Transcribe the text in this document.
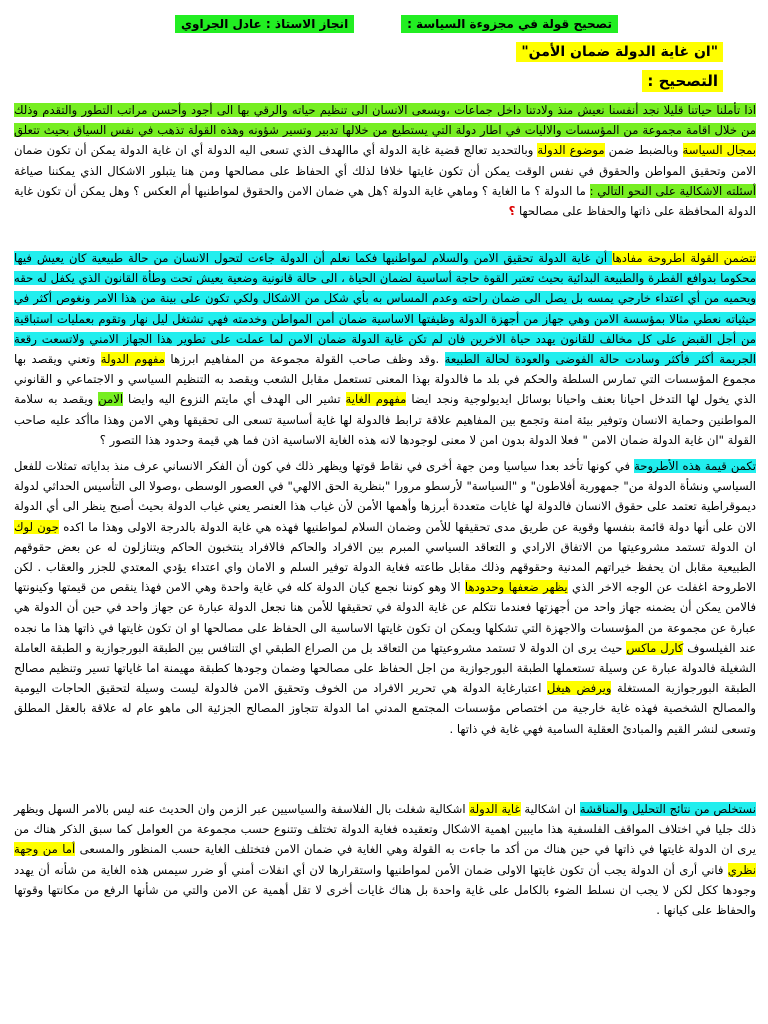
تصحيح قولة في مجزوءة السياسة :
انجاز الاستاذ : عادل الجراوي
"ان غاية الدولة ضمان الأمن"
التصحيح :

اذا تأملنا حياتنا قليلا نجد أنفسنا نعيش منذ ولادتنا داخل جماعات ،ويسعى الانسان الى تنظيم حياته والرقي بها الى أجود وأحسن مراتب التطور والتقدم وذلك من خلال اقامة مجموعة من المؤسسات والاليات في اطار دولة التي يستطيع من خلالها تدبير وتسير شؤونه وهذه القولة تذهب في نفس السياق بحيث تتعلق بمجال السياسة وبالضبط ضمن موضوع الدولة وبالتحديد تعالج قضية غاية الدولة أي ماالهدف الذي تسعى اليه الدولة أي ان غاية الدولة يمكن أن تكون ضمان الامن وتحقيق المواطن والحقوق في نفس الوقت يمكن أن تكون غايتها خلافا لذلك أي الحفاظ على مصالحها ومن هنا يتبلور الاشكال الذي يمكننا صياغة أسئلته الاشكالية على النحو التالي : ما الدولة ؟ ما الغاية ؟ وماهي غاية الدولة ؟هل هي ضمان الامن والحقوق لمواطنيها أم العكس ؟ وهل يمكن أن تكون غاية الدولة المحافظة على ذاتها والحفاظ على مصالحها ؟

تتضمن القولة اطروحة مفادها أن غاية الدولة تحقيق الامن والسلام لمواطنيها فكما نعلم أن الدولة جاءت لتحول الانسان من حالة طبيعية كان يعيش فيها محكوما بدوافع الفطرة والطبيعة البدائية بحيث تعتبر القوة حاجة أساسية لضمان الحياة ، الى حالة قانونية وضعية يعيش تحت وطأة القانون الذي يكفل له حقه ويحميه من أي اعتداء خارجي يمسه بل يصل الى ضمان راحته وعدم المساس به بأي شكل من الاشكال ولكي تكون على بينة من هذا الامر ونغوص أكثر في حيثياته نعطي مثالا بمؤسسة الامن وهي جهاز من أجهزة الدولة وظيفتها الاساسية ضمان أمن المواطن وخدمته فهي تشتغل ليل نهار وتقوم بعمليات استباقية من أجل القبض على كل مخالف للقانون يهدد حياة الاخرين فان لم تكن غاية الدولة ضمان الامن لما عملت على تطوير هذا الجهاز الامني ولاتسعت رقعة الجريمة أكثر فأكثر وسادت حالة الفوضى والعودة لحالة الطبيعة .وقد وظف صاحب القولة مجموعة من المفاهيم ابرزها مفهوم الدولة وتعني ويقصد بها مجموع المؤسسات التي تمارس السلطة والحكم في بلد ما فالدولة بهذا المعنى تستعمل مقابل الشعب ويقصد به التنظيم السياسي و الاجتماعي و القانوني الذي يخول لها التدخل احيانا بعنف واحيانا بوسائل ايديولوجية ونجد ايضا مفهوم الغاية تشير الى الهدف أي مايتم النزوع اليه وايضا الامن ويقصد به سلامة المواطنين وحماية الانسان وتوفير بيئة امنة وتجمع بين المفاهيم علاقة ترابط فالدولة لها غاية أساسية تسعى الى تحقيقها وهي الامن وهذا ماأكد عليه صاحب القولة "ان غاية الدولة ضمان الامن " فعلا الدولة بدون امن لا معنى لوجودها لانه هذه الغاية الاساسية اذن فما هي قيمة وحدود هذا التصور ؟

تكمن قيمة هذه الأطروحة في كونها تأخد بعدا سياسيا ومن جهة أخرى في نقاط قوتها ويظهر ذلك في كون أن الفكر الانساني عرف منذ بداياته تمثلات للفعل السياسي ونشأة الدولة من" جمهورية أفلاطون" و "السياسة" لأرسطو مرورا "بنظرية الحق الالهي" في العصور الوسطى ،وصولا الى التأسيس الحداثي لدولة ديموقراطية تعتمد على حقوق الانسان فالدولة لها غايات متعددة أبرزها وأهمها الأمن لأن غياب هذا العنصر يعني غياب الدولة بحيث أصبح ينظر الى أي الدولة الان على أنها دولة قائمة بنفسها وقوية عن طريق مدى تحقيقها للأمن وضمان السلام لمواطنيها فهذه هي غاية الدولة بالدرجة الاولى وهذا ما اكده جون لوك ان الدولة تستمد مشروعيتها من الاتفاق الارادي و التعاقد السياسي المبرم بين الافراد والحاكم فالافراد ينتخبون الحاكم ويتنازلون له عن بعض حقوقهم الطبيعية مقابل ان يحفظ خيراتهم المدنية وحقوقهم وذلك مقابل طاعته فغاية الدولة توفير السلم و الامان واي اعتداء يؤدي المعتدي للجزر والعقاب . لكن الاطروحة اغفلت عن الوجه الاخر الذي يظهر ضعفها وحدودها الا وهو كوننا نجمع كيان الدولة كله في غاية واحدة وهي الامن فهذا ينقص من قيمتها وكينونتها فالامن يمكن أن يضمنه جهاز واحد من أجهزتها فعندما نتكلم عن غاية الدولة في تحقيقها للأمن هنا نجعل الدولة عبارة عن جهاز واحد في حين أن الدولة هي عبارة عن مجموعة من المؤسسات والاجهزة التي تشكلها ويمكن ان تكون غايتها الاساسية الى الحفاظ على مصالحها او ان تكون غايتها في ذاتها هذا ما نجده عند الفيلسوف كارل ماكس حيث يرى ان الدولة لا تستمد مشروعيتها من التعاقد بل من الصراع الطبقي اي التنافس بين الطبقة البورجوازية و الطبقة العاملة الشغيلة فالدولة عبارة عن وسيلة تستعملها الطبقة البورجوازية من اجل الحفاظ على مصالحها وضمان وجودها كطبقة مهيمنة اما غاياتها تسير وتنظيم مصالح الطبقة البورجوازية المستغلة ويرفض هيغل اعتبارغاية الدولة هي تحرير الافراد من الخوف وتحقيق الامن فالدولة ليست وسيلة لتحقيق الحاجات اليومية والمصالح الشخصية فهذه غاية خارجية من اختصاص مؤسسات المجتمع المدني اما الدولة تتجاوز المصالح الجزئية الى ماهو عام له علاقة بالعقل المطلق وتسعى لنشر القيم والمبادئ العقلية السامية فهي غاية في ذاتها .

نستخلص من نتائج التحليل والمناقشة ان اشكالية غاية الدولة اشكالية شغلت بال الفلاسفة والسياسيين عبر الزمن وان الحديث عنه ليس بالامر السهل ويظهر ذلك جليا في اختلاف المواقف الفلسفية هذا مايبين اهمية الاشكال وتعقيده فغاية الدولة تختلف وتتنوع حسب مجموعة من العوامل كما سبق الذكر هناك من يرى ان الدولة غايتها في ذاتها في حين هناك من أكد ما جاءت به القولة وهي الغاية في ضمان الامن فتختلف الغاية حسب المنظور والمسعى أما من وجهة نظري فاني أرى أن الدولة يجب أن تكون غايتها الاولى ضمان الأمن لمواطنيها واستقرارها لان أي انفلات أمني أو ضرر سيمس هذه الغاية من شأنه أن يهدد وجودها ككل لكن لا يجب ان نسلط الضوء بالكامل على غاية واحدة بل هناك غايات أخرى لا تقل أهمية عن الامن والتي من شأنها الرفع من مكانتها وقوتها والحفاظ على كيانها .
